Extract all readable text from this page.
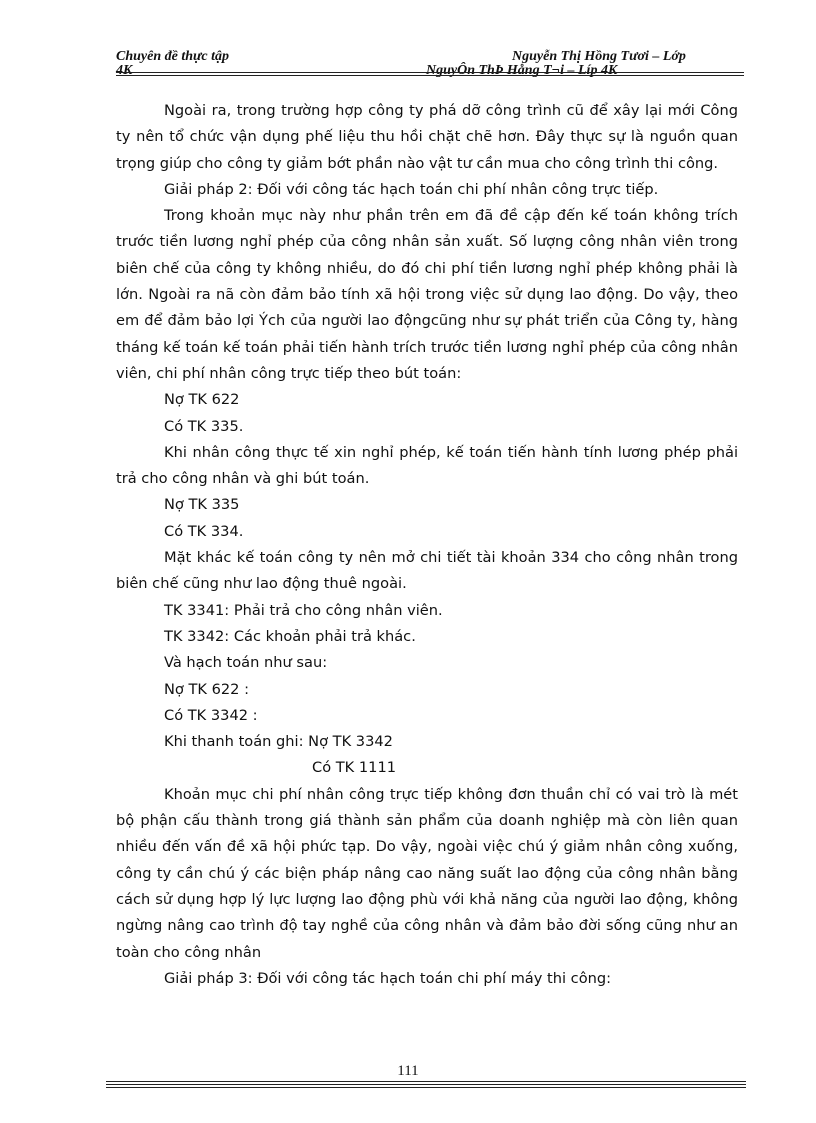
Chuyên đề thực tập	Nguyễn Thị Hồng Tươi – Lớp
4K	NguyÔn ThÞ Hång T¬i – Líp 4K

Ngoài ra, trong trường hợp công ty phá dỡ công trình cũ để xây lại mới Công ty nên tổ chức vận dụng phế liệu thu hồi chặt chẽ hơn. Đây thực sự là nguồn quan trọng giúp cho công ty giảm bớt phần nào vật tư cần mua cho công trình thi công.

Giải pháp 2: Đối với công tác hạch toán chi phí nhân công trực tiếp.

Trong khoản mục này như phần trên em đã đề cập đến kế toán không trích trước tiền lương nghỉ phép của công nhân sản xuất. Số lượng công nhân viên trong biên chế của công ty không nhiều, do đó chi phí tiền lương nghỉ phép không phải là lớn. Ngoài ra nã còn đảm bảo tính xã hội trong việc sử dụng lao động. Do vậy, theo em để đảm bảo lợi Ých của người lao độngcũng như sự phát triển của Công ty, hàng tháng kế toán kế toán phải tiến hành trích trước tiền lương nghỉ phép của công nhân viên, chi phí nhân công trực tiếp theo bút toán:

Nợ TK 622

Có TK 335.

Khi nhân công thực tế xin nghỉ phép, kế toán tiến hành tính lương phép phải trả cho công nhân và ghi bút toán.

Nợ TK 335

Có TK 334.

Mặt khác kế toán công ty nên mở chi tiết tài khoản 334 cho công nhân trong biên chế cũng như lao động thuê ngoài.

TK 3341: Phải trả cho công nhân viên.

TK 3342: Các khoản phải trả khác.

Và hạch toán như sau:

Nợ TK 622 :

Có TK 3342 :

Khi thanh toán ghi: Nợ TK 3342

Có TK 1111

Khoản mục chi phí nhân công trực tiếp không đơn thuần chỉ có vai trò là mét bộ phận cấu thành trong giá thành sản phẩm của doanh nghiệp mà còn liên quan nhiều đến vấn đề xã hội phức tạp. Do vậy, ngoài việc chú ý giảm nhân công xuống, công ty cần chú ý các biện pháp nâng cao năng suất lao động của công nhân bằng cách sử dụng hợp lý lực lượng lao động phù với khả năng của người lao động, không ngừng nâng cao trình độ tay nghề của công nhân và đảm bảo đời sống cũng như an toàn cho công nhân

Giải pháp 3: Đối với công tác hạch toán chi phí máy thi công:

111
